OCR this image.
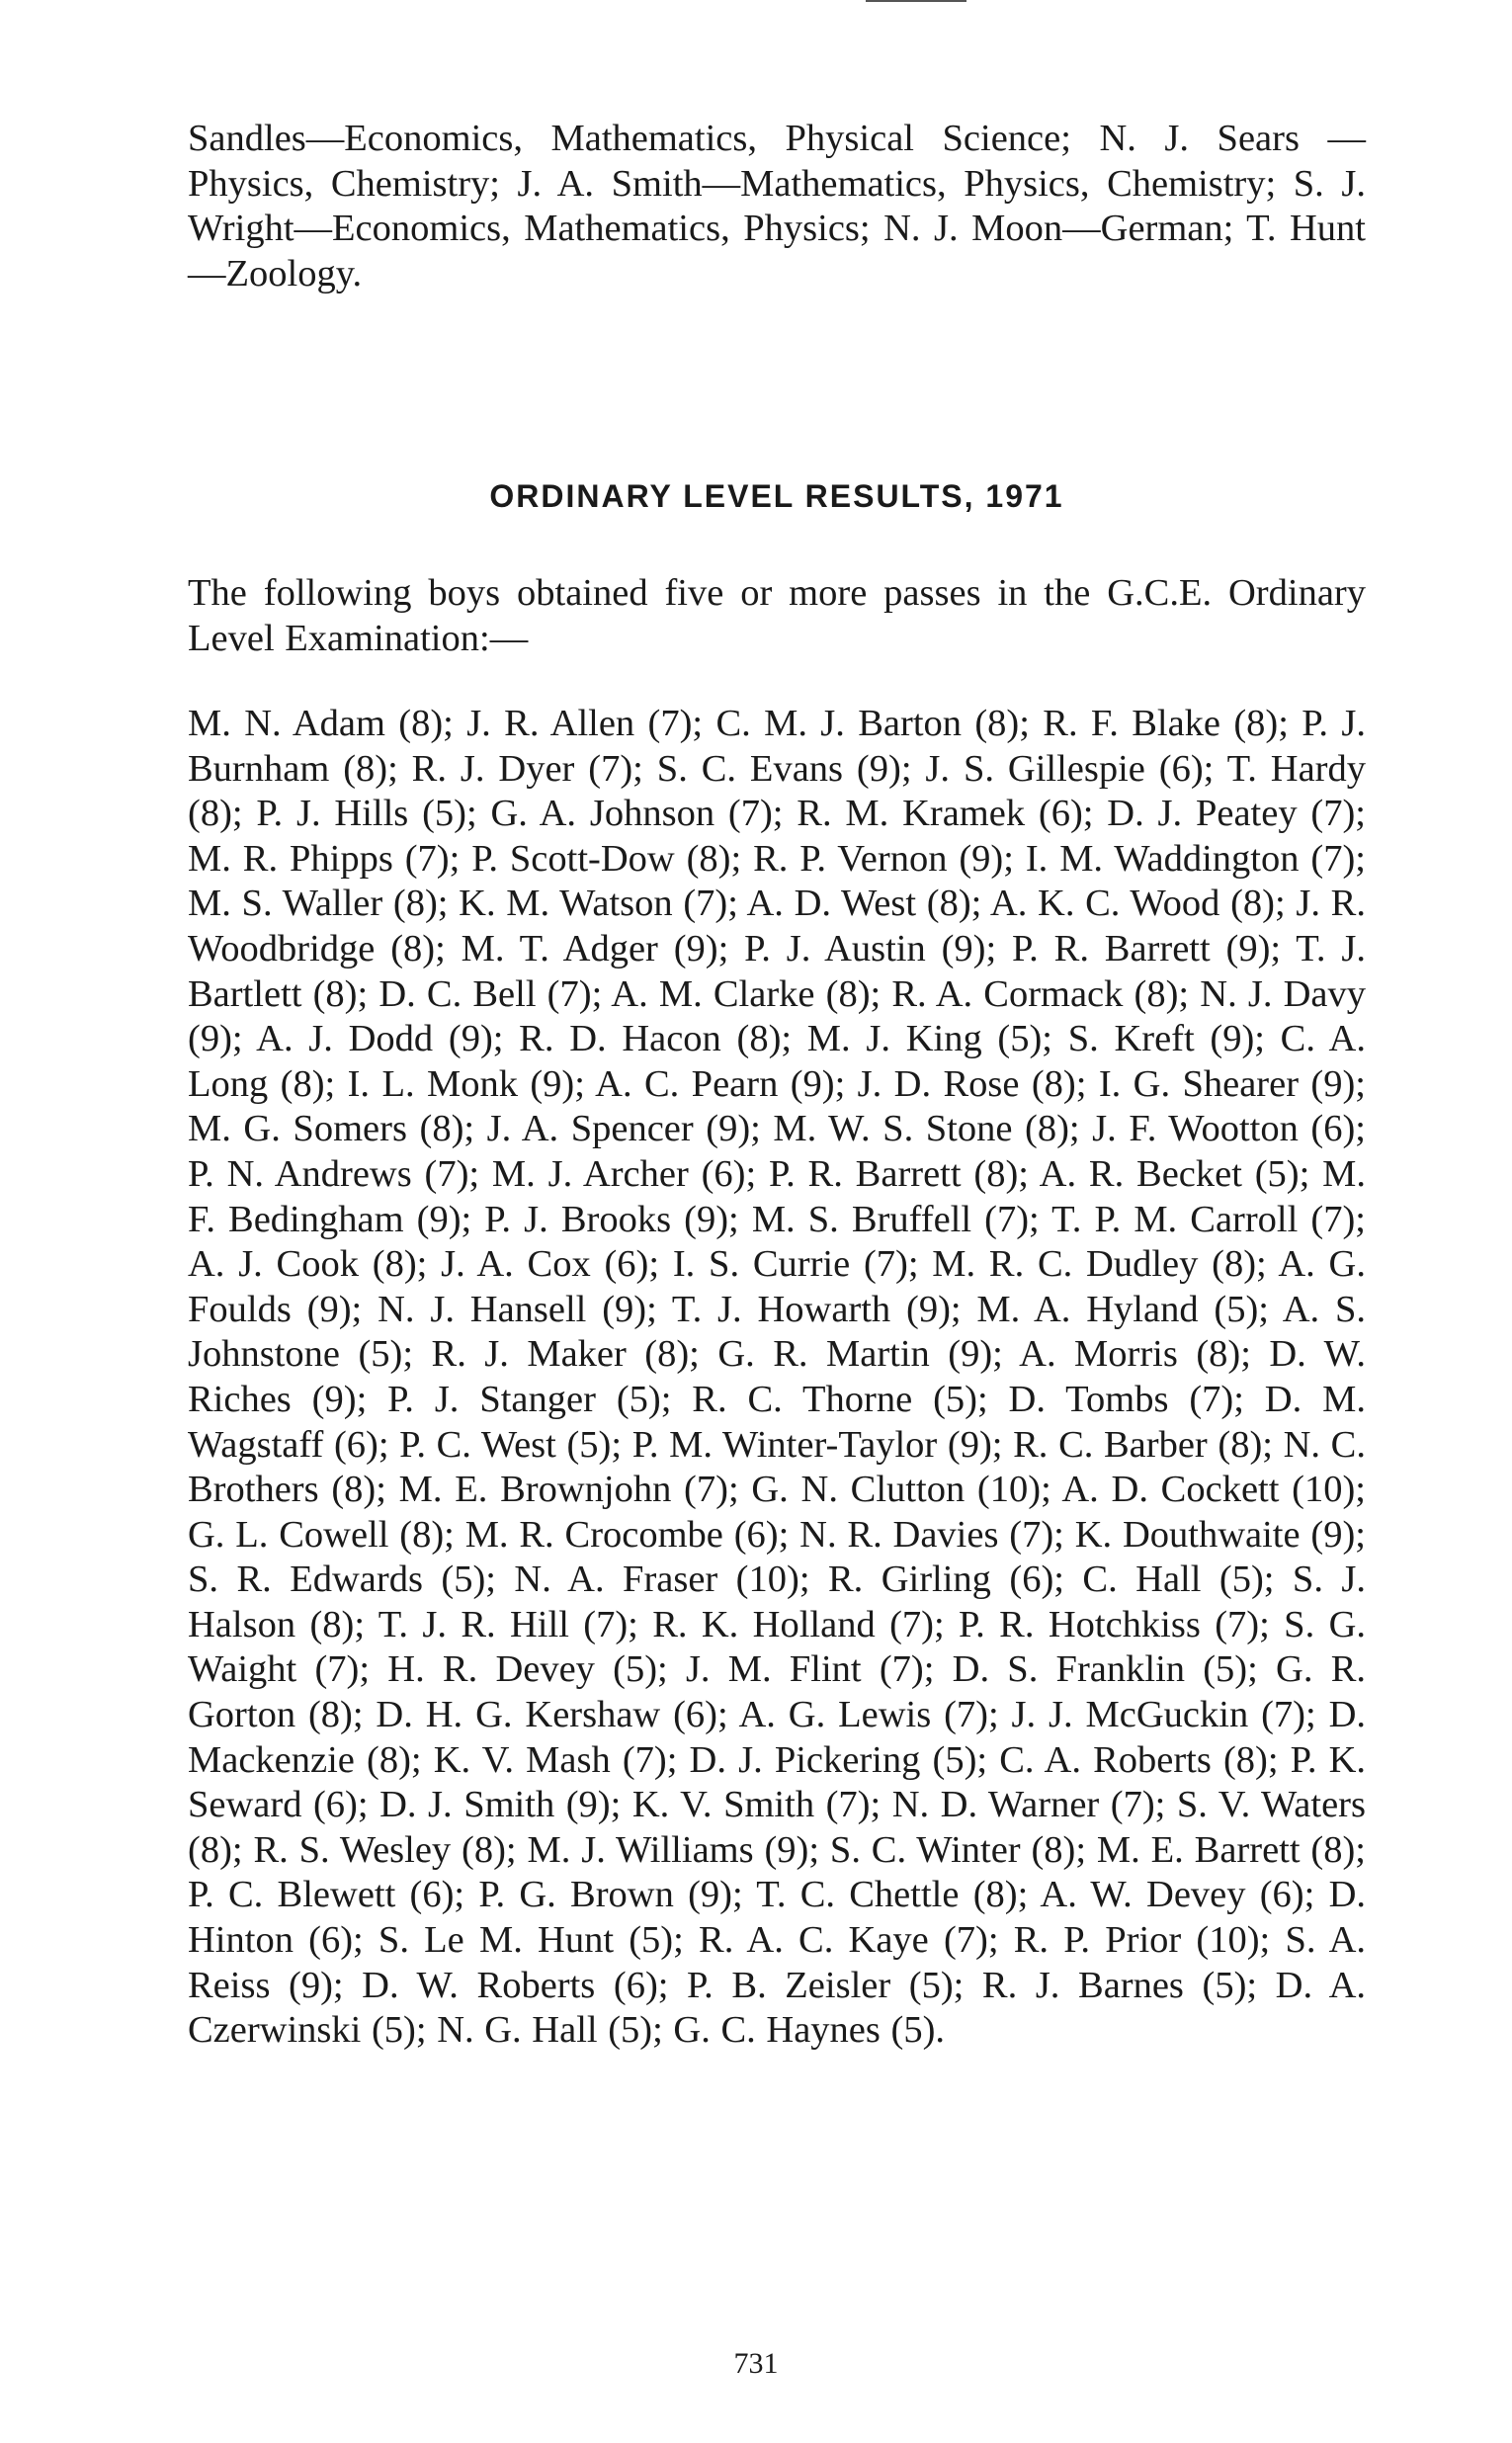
Sandles—Economics, Mathematics, Physical Science; N. J. Sears —Physics, Chemistry; J. A. Smith—Mathematics, Physics, Chemistry; S. J. Wright—Economics, Mathematics, Physics; N. J. Moon—German; T. Hunt—Zoology.

ORDINARY LEVEL RESULTS, 1971

The following boys obtained five or more passes in the G.C.E. Ordinary Level Examination:—

M. N. Adam (8); J. R. Allen (7); C. M. J. Barton (8); R. F. Blake (8); P. J. Burnham (8); R. J. Dyer (7); S. C. Evans (9); J. S. Gillespie (6); T. Hardy (8); P. J. Hills (5); G. A. Johnson (7); R. M. Kramek (6); D. J. Peatey (7); M. R. Phipps (7); P. Scott-Dow (8); R. P. Vernon (9); I. M. Waddington (7); M. S. Waller (8); K. M. Watson (7); A. D. West (8); A. K. C. Wood (8); J. R. Woodbridge (8); M. T. Adger (9); P. J. Austin (9); P. R. Barrett (9); T. J. Bartlett (8); D. C. Bell (7); A. M. Clarke (8); R. A. Cormack (8); N. J. Davy (9); A. J. Dodd (9); R. D. Hacon (8); M. J. King (5); S. Kreft (9); C. A. Long (8); I. L. Monk (9); A. C. Pearn (9); J. D. Rose (8); I. G. Shearer (9); M. G. Somers (8); J. A. Spencer (9); M. W. S. Stone (8); J. F. Wootton (6); P. N. Andrews (7); M. J. Archer (6); P. R. Barrett (8); A. R. Becket (5); M. F. Bedingham (9); P. J. Brooks (9); M. S. Bruffell (7); T. P. M. Carroll (7); A. J. Cook (8); J. A. Cox (6); I. S. Currie (7); M. R. C. Dudley (8); A. G. Foulds (9); N. J. Hansell (9); T. J. Howarth (9); M. A. Hyland (5); A. S. Johnstone (5); R. J. Maker (8); G. R. Martin (9); A. Morris (8); D. W. Riches (9); P. J. Stanger (5); R. C. Thorne (5); D. Tombs (7); D. M. Wagstaff (6); P. C. West (5); P. M. Winter-Taylor (9); R. C. Barber (8); N. C. Brothers (8); M. E. Brownjohn (7); G. N. Clutton (10); A. D. Cockett (10); G. L. Cowell (8); M. R. Crocombe (6); N. R. Davies (7); K. Douthwaite (9); S. R. Edwards (5); N. A. Fraser (10); R. Girling (6); C. Hall (5); S. J. Halson (8); T. J. R. Hill (7); R. K. Holland (7); P. R. Hotchkiss (7); S. G. Waight (7); H. R. Devey (5); J. M. Flint (7); D. S. Franklin (5); G. R. Gorton (8); D. H. G. Kershaw (6); A. G. Lewis (7); J. J. McGuckin (7); D. Mackenzie (8); K. V. Mash (7); D. J. Pickering (5); C. A. Roberts (8); P. K. Seward (6); D. J. Smith (9); K. V. Smith (7); N. D. Warner (7); S. V. Waters (8); R. S. Wesley (8); M. J. Williams (9); S. C. Winter (8); M. E. Barrett (8); P. C. Blewett (6); P. G. Brown (9); T. C. Chettle (8); A. W. Devey (6); D. Hinton (6); S. Le M. Hunt (5); R. A. C. Kaye (7); R. P. Prior (10); S. A. Reiss (9); D. W. Roberts (6); P. B. Zeisler (5); R. J. Barnes (5); D. A. Czerwinski (5); N. G. Hall (5); G. C. Haynes (5).

731
